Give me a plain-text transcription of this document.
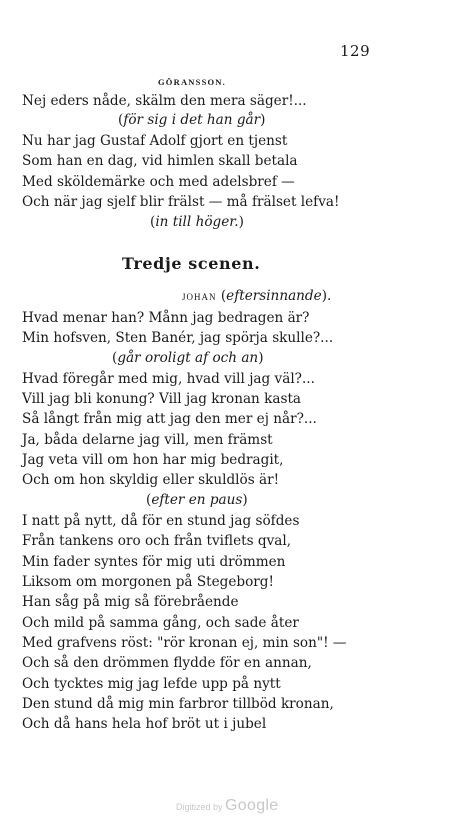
129
GÖRANSSON.
Nej eders nåde, skälm den mera säger!...
(för sig i det han går)
Nu har jag Gustaf Adolf gjort en tjenst
Som han en dag, vid himlen skall betala
Med sköldemärke och med adelsbref —
Och när jag sjelf blir frälst — må frälset lefva!
(in till höger.)
Tredje scenen.
JOHAN (eftersinnande).
Hvad menar han? Månn jag bedragen är?
Min hofsven, Sten Banér, jag spörja skulle?...
(går oroligt af och an)
Hvad föregår med mig, hvad vill jag väl?...
Vill jag bli konung? Vill jag kronan kasta
Så långt från mig att jag den mer ej når?...
Ja, båda delarne jag vill, men främst
Jag veta vill om hon har mig bedragit,
Och om hon skyldig eller skuldlös är!
(efter en paus)
I natt på nytt, då för en stund jag söfdes
Från tankens oro och från tviflets qval,
Min fader syntes för mig uti drömmen
Liksom om morgonen på Stegeborg!
Han såg på mig så förebrående
Och mild på samma gång, och sade åter
Med grafvens röst: "rör kronan ej, min son"! —
Och så den drömmen flydde för en annan,
Och tycktes mig jag lefde upp på nytt
Den stund då mig min farbror tillböd kronan,
Och då hans hela hof bröt ut i jubel
Digitized by Google
